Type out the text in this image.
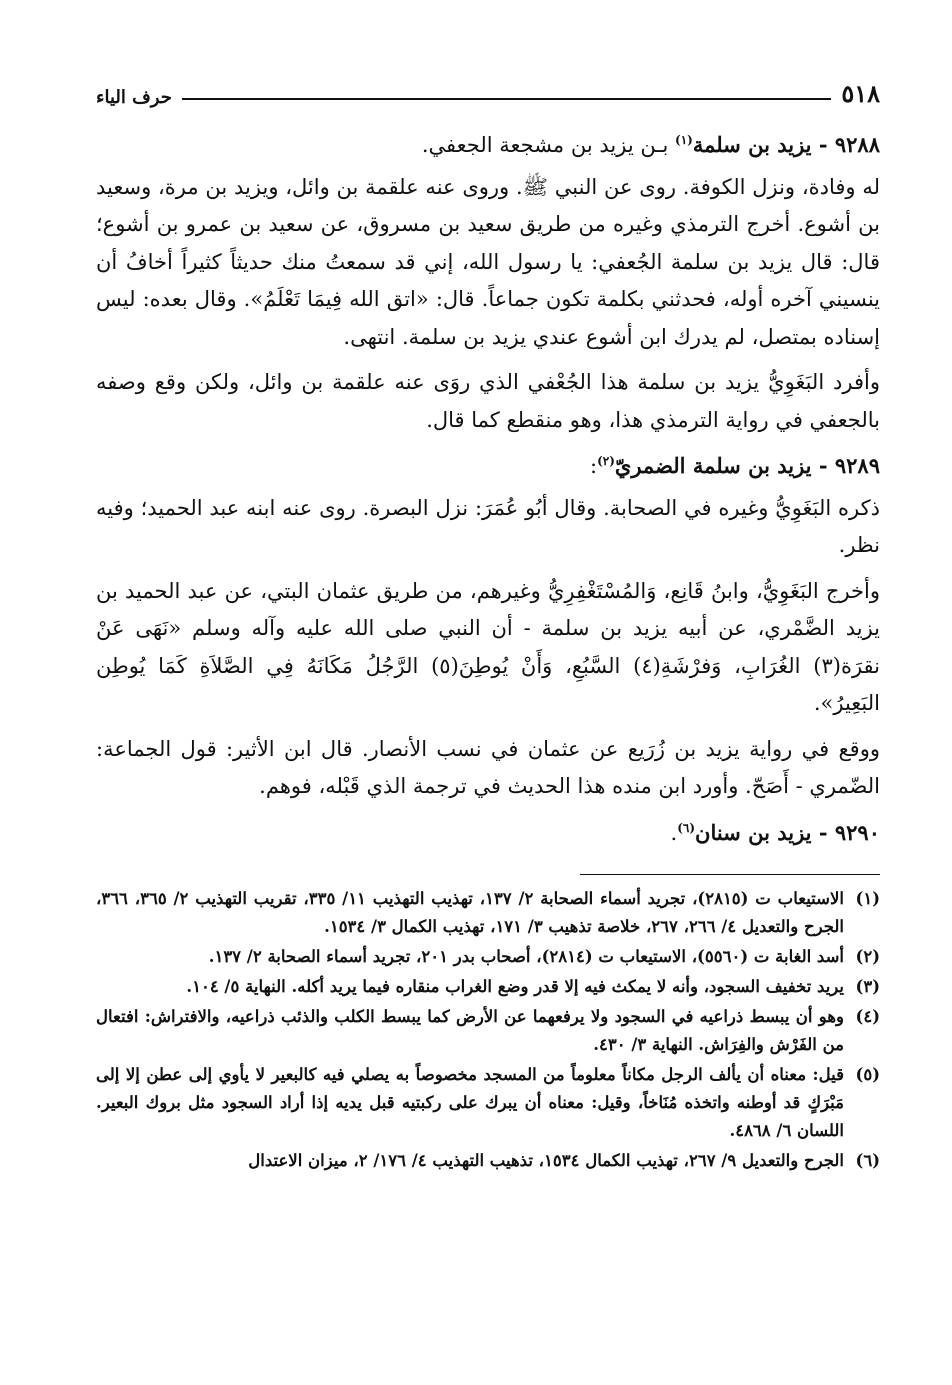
٥١٨
حرف الياء
٩٢٨٨ - يزيد بن سلمة$^{(١)}$ بـن يزيد بن مشجعة الجعفي.

له وفادة، ونزل الكوفة. روى عن النبي ﷺ. وروى عنه علقمة بن وائل، ويزيد بن مرة، وسعيد بن أشوع. أخرج الترمذي وغيره من طريق سعيد بن مسروق، عن سعيد بن عمرو بن أشوع؛ قال: قال يزيد بن سلمة الجُعفي: يا رسول الله، إني قد سمعتُ منك حديثاً كثيراً أخافُ أن ينسيني آخره أوله، فحدثني بكلمة تكون جماعاً. قال: «اتق الله فِيمَا تَعْلَمُ». وقال بعده: ليس إسناده بمتصل، لم يدرك ابن أشوع عندي يزيد بن سلمة. انتهى.

وأفرد البَغَوِيُّ يزيد بن سلمة هذا الجُعْفي الذي روَى عنه علقمة بن وائل، ولكن وقع وصفه بالجعفي في رواية الترمذي هذا، وهو منقطع كما قال.

٩٢٨٩ - يزيد بن سلمة الضمريّ$^{(٢)}$:

ذكره البَغَوِيُّ وغيره في الصحابة. وقال أبُو عُمَرَ: نزل البصرة. روى عنه ابنه عبد الحميد؛ وفيه نظر.

وأخرج البَغَوِيُّ، وابنُ قَانِع، وَالمُسْتَغْفِرِيُّ وغيرهم، من طريق عثمان البتي، عن عبد الحميد بن يزيد الضَّمْري، عن أبيه يزيد بن سلمة - أن النبي صلى الله عليه وآله وسلم «نَهَى عَنْ نقرَة(٣) الغُرَابِ، وَفرْشَةِ(٤) السَّبُعِ، وَأَنْ يُوطِنَ(٥) الرَّجُلُ مَكَانَهُ فِي الصَّلاَةِ كَمَا يُوطِن البَعِيرُ».

ووقع في رواية يزيد بن زُرَيع عن عثمان في نسب الأنصار. قال ابن الأثير: قول الجماعة: الضّمري - أَصَحّ. وأورد ابن منده هذا الحديث في ترجمة الذي قَبْله، فوهم.

٩٢٩٠ - يزيد بن سنان$^{(٦)}$.
(١)
الاستيعاب ت (٢٨١٥)، تجريد أسماء الصحابة ٢/ ١٣٧، تهذيب التهذيب ١١/ ٣٣٥، تقريب التهذيب ٢/ ٣٦٥، ٣٦٦، الجرح والتعديل ٤/ ٢٦٦، ٢٦٧، خلاصة تذهيب ٣/ ١٧١، تهذيب الكمال ٣/ ١٥٣٤.
(٢)
أسد الغابة ت (٥٥٦٠)، الاستيعاب ت (٢٨١٤)، أصحاب بدر ٢٠١، تجريد أسماء الصحابة ٢/ ١٣٧.
(٣)
يريد تخفيف السجود، وأنه لا يمكث فيه إلا قدر وضع الغراب منقاره فيما يريد أكله. النهاية ٥/ ١٠٤.
(٤)
وهو أن يبسط ذراعيه في السجود ولا يرفعهما عن الأرض كما يبسط الكلب والذئب ذراعيه، والافتراش: افتعال من الفَرْش والفِرَاش. النهاية ٣/ ٤٣٠.
(٥)
قيل: معناه أن يألف الرجل مكاناً معلوماً من المسجد مخصوصاً به يصلي فيه كالبعير لا يأوي إلى عطن إلا إلى مَبْرَكٍ قد أوطنه واتخذه مُنَاخاً، وقيل: معناه أن يبرك على ركبتيه قبل يديه إذا أراد السجود مثل بروك البعير. اللسان ٦/ ٤٨٦٨.
(٦)
الجرح والتعديل ٩/ ٢٦٧، تهذيب الكمال ١٥٣٤، تذهيب التهذيب ٤/ ١٧٦/ ٢، ميزان الاعتدال
